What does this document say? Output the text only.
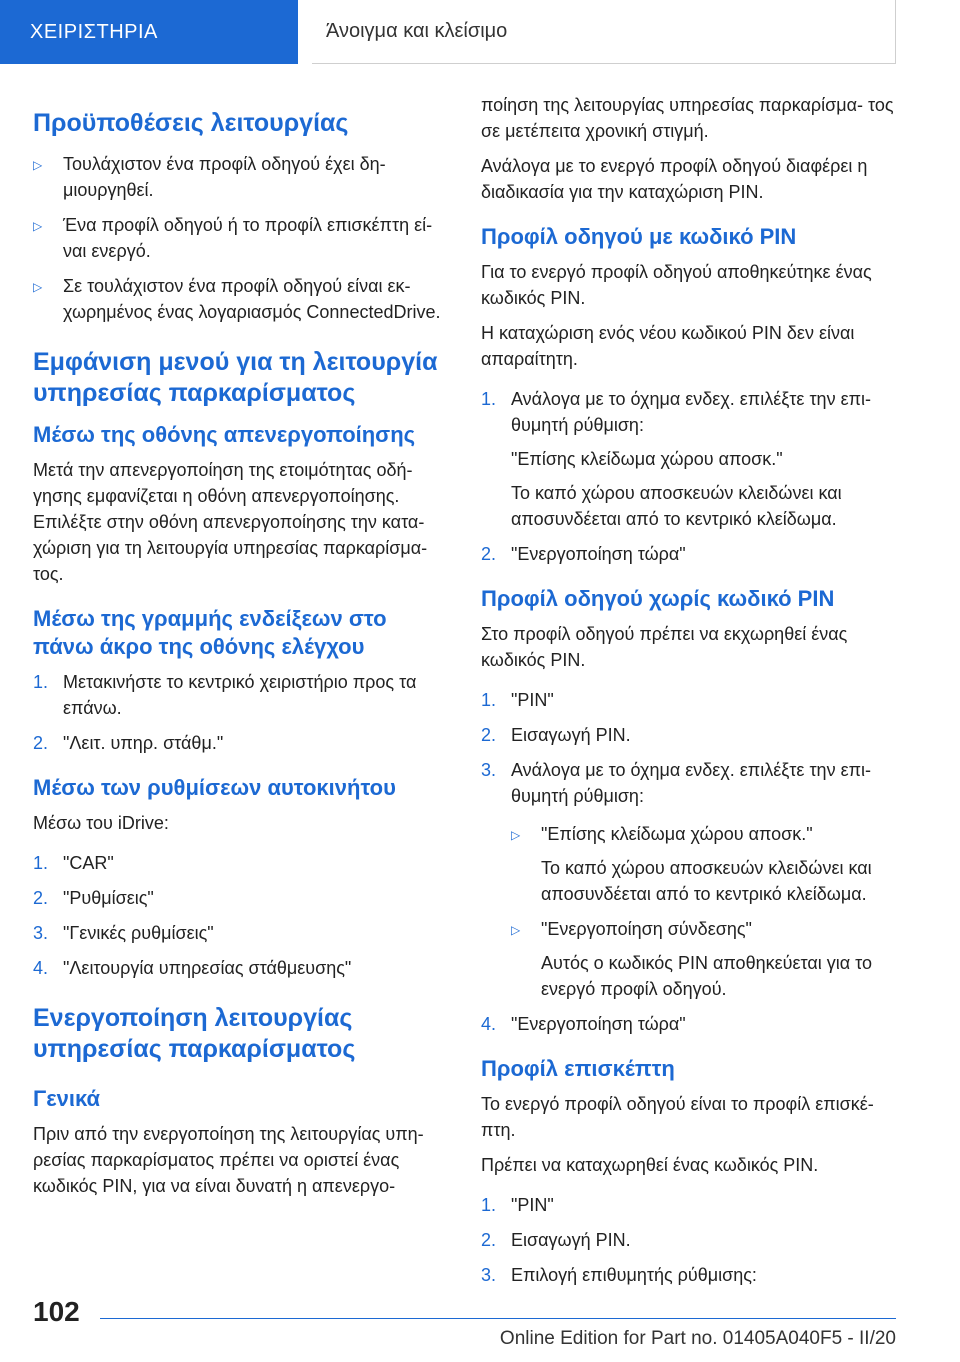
ΧΕΙΡΙΣΤΗΡΙΑ	Άνοιγμα και κλείσιμο
Προϋποθέσεις λειτουργίας
▷ Τουλάχιστον ένα προφίλ οδηγού έχει δη‐ μιουργηθεί.

▷ Ένα προφίλ οδηγού ή το προφίλ επισκέπτη εί‐ ναι ενεργό.

▷ Σε τουλάχιστον ένα προφίλ οδηγού είναι εκ‐ χωρημένος ένας λογαριασμός ConnectedDrive.

Εμφάνιση μενού για τη λειτουργία υπηρεσίας παρκαρίσματος
Μέσω της οθόνης απενεργοποίησης

Μετά την απενεργοποίηση της ετοιμότητας οδή‐ γησης εμφανίζεται η οθόνη απενεργοποίησης. Επιλέξτε στην οθόνη απενεργοποίησης την κατα‐ χώριση για τη λειτουργία υπηρεσίας παρκαρίσμα‐ τος.

Μέσω της γραμμής ενδείξεων στο πάνω άκρο της οθόνης ελέγχου
1. Μετακινήστε το κεντρικό χειριστήριο προς τα επάνω.

2. "Λειτ. υπηρ. στάθμ."

Μέσω των ρυθμίσεων αυτοκινήτου

Μέσω του iDrive:

1. "CAR"

2. "Ρυθμίσεις"

3. "Γενικές ρυθμίσεις"

4. "Λειτουργία υπηρεσίας στάθμευσης"

Ενεργοποίηση λειτουργίας υπηρεσίας παρκαρίσματος
Γενικά

Πριν από την ενεργοποίηση της λειτουργίας υπη‐ ρεσίας παρκαρίσματος πρέπει να οριστεί ένας κωδικός PIN, για να είναι δυνατή η απενεργο‐

ποίηση της λειτουργίας υπηρεσίας παρκαρίσμα‐ τος σε μετέπειτα χρονική στιγμή.

Ανάλογα με το ενεργό προφίλ οδηγού διαφέρει η διαδικασία για την καταχώριση PIN.

Προφίλ οδηγού με κωδικό PIN

Για το ενεργό προφίλ οδηγού αποθηκεύτηκε ένας κωδικός PIN.

Η καταχώριση ενός νέου κωδικού PIN δεν είναι απαραίτητη.

1. Ανάλογα με το όχημα ενδεχ. επιλέξτε την επι‐ θυμητή ρύθμιση:

"Επίσης κλείδωμα χώρου αποσκ."

Το καπό χώρου αποσκευών κλειδώνει και αποσυνδέεται από το κεντρικό κλείδωμα.

2. "Ενεργοποίηση τώρα"

Προφίλ οδηγού χωρίς κωδικό PIN

Στο προφίλ οδηγού πρέπει να εκχωρηθεί ένας κωδικός PIN.

1. "PIN"

2. Εισαγωγή PIN.

3. Ανάλογα με το όχημα ενδεχ. επιλέξτε την επι‐ θυμητή ρύθμιση:

▷ "Επίσης κλείδωμα χώρου αποσκ."

Το καπό χώρου αποσκευών κλειδώνει και αποσυνδέεται από το κεντρικό κλείδωμα.

▷ "Ενεργοποίηση σύνδεσης"

Αυτός ο κωδικός PIN αποθηκεύεται για το ενεργό προφίλ οδηγού.

4. "Ενεργοποίηση τώρα"

Προφίλ επισκέπτη

Το ενεργό προφίλ οδηγού είναι το προφίλ επισκέ‐ πτη.

Πρέπει να καταχωρηθεί ένας κωδικός PIN.

1. "PIN"

2. Εισαγωγή PIN.

3. Επιλογή επιθυμητής ρύθμισης:

102
Online Edition for Part no. 01405A040F5 - II/20
